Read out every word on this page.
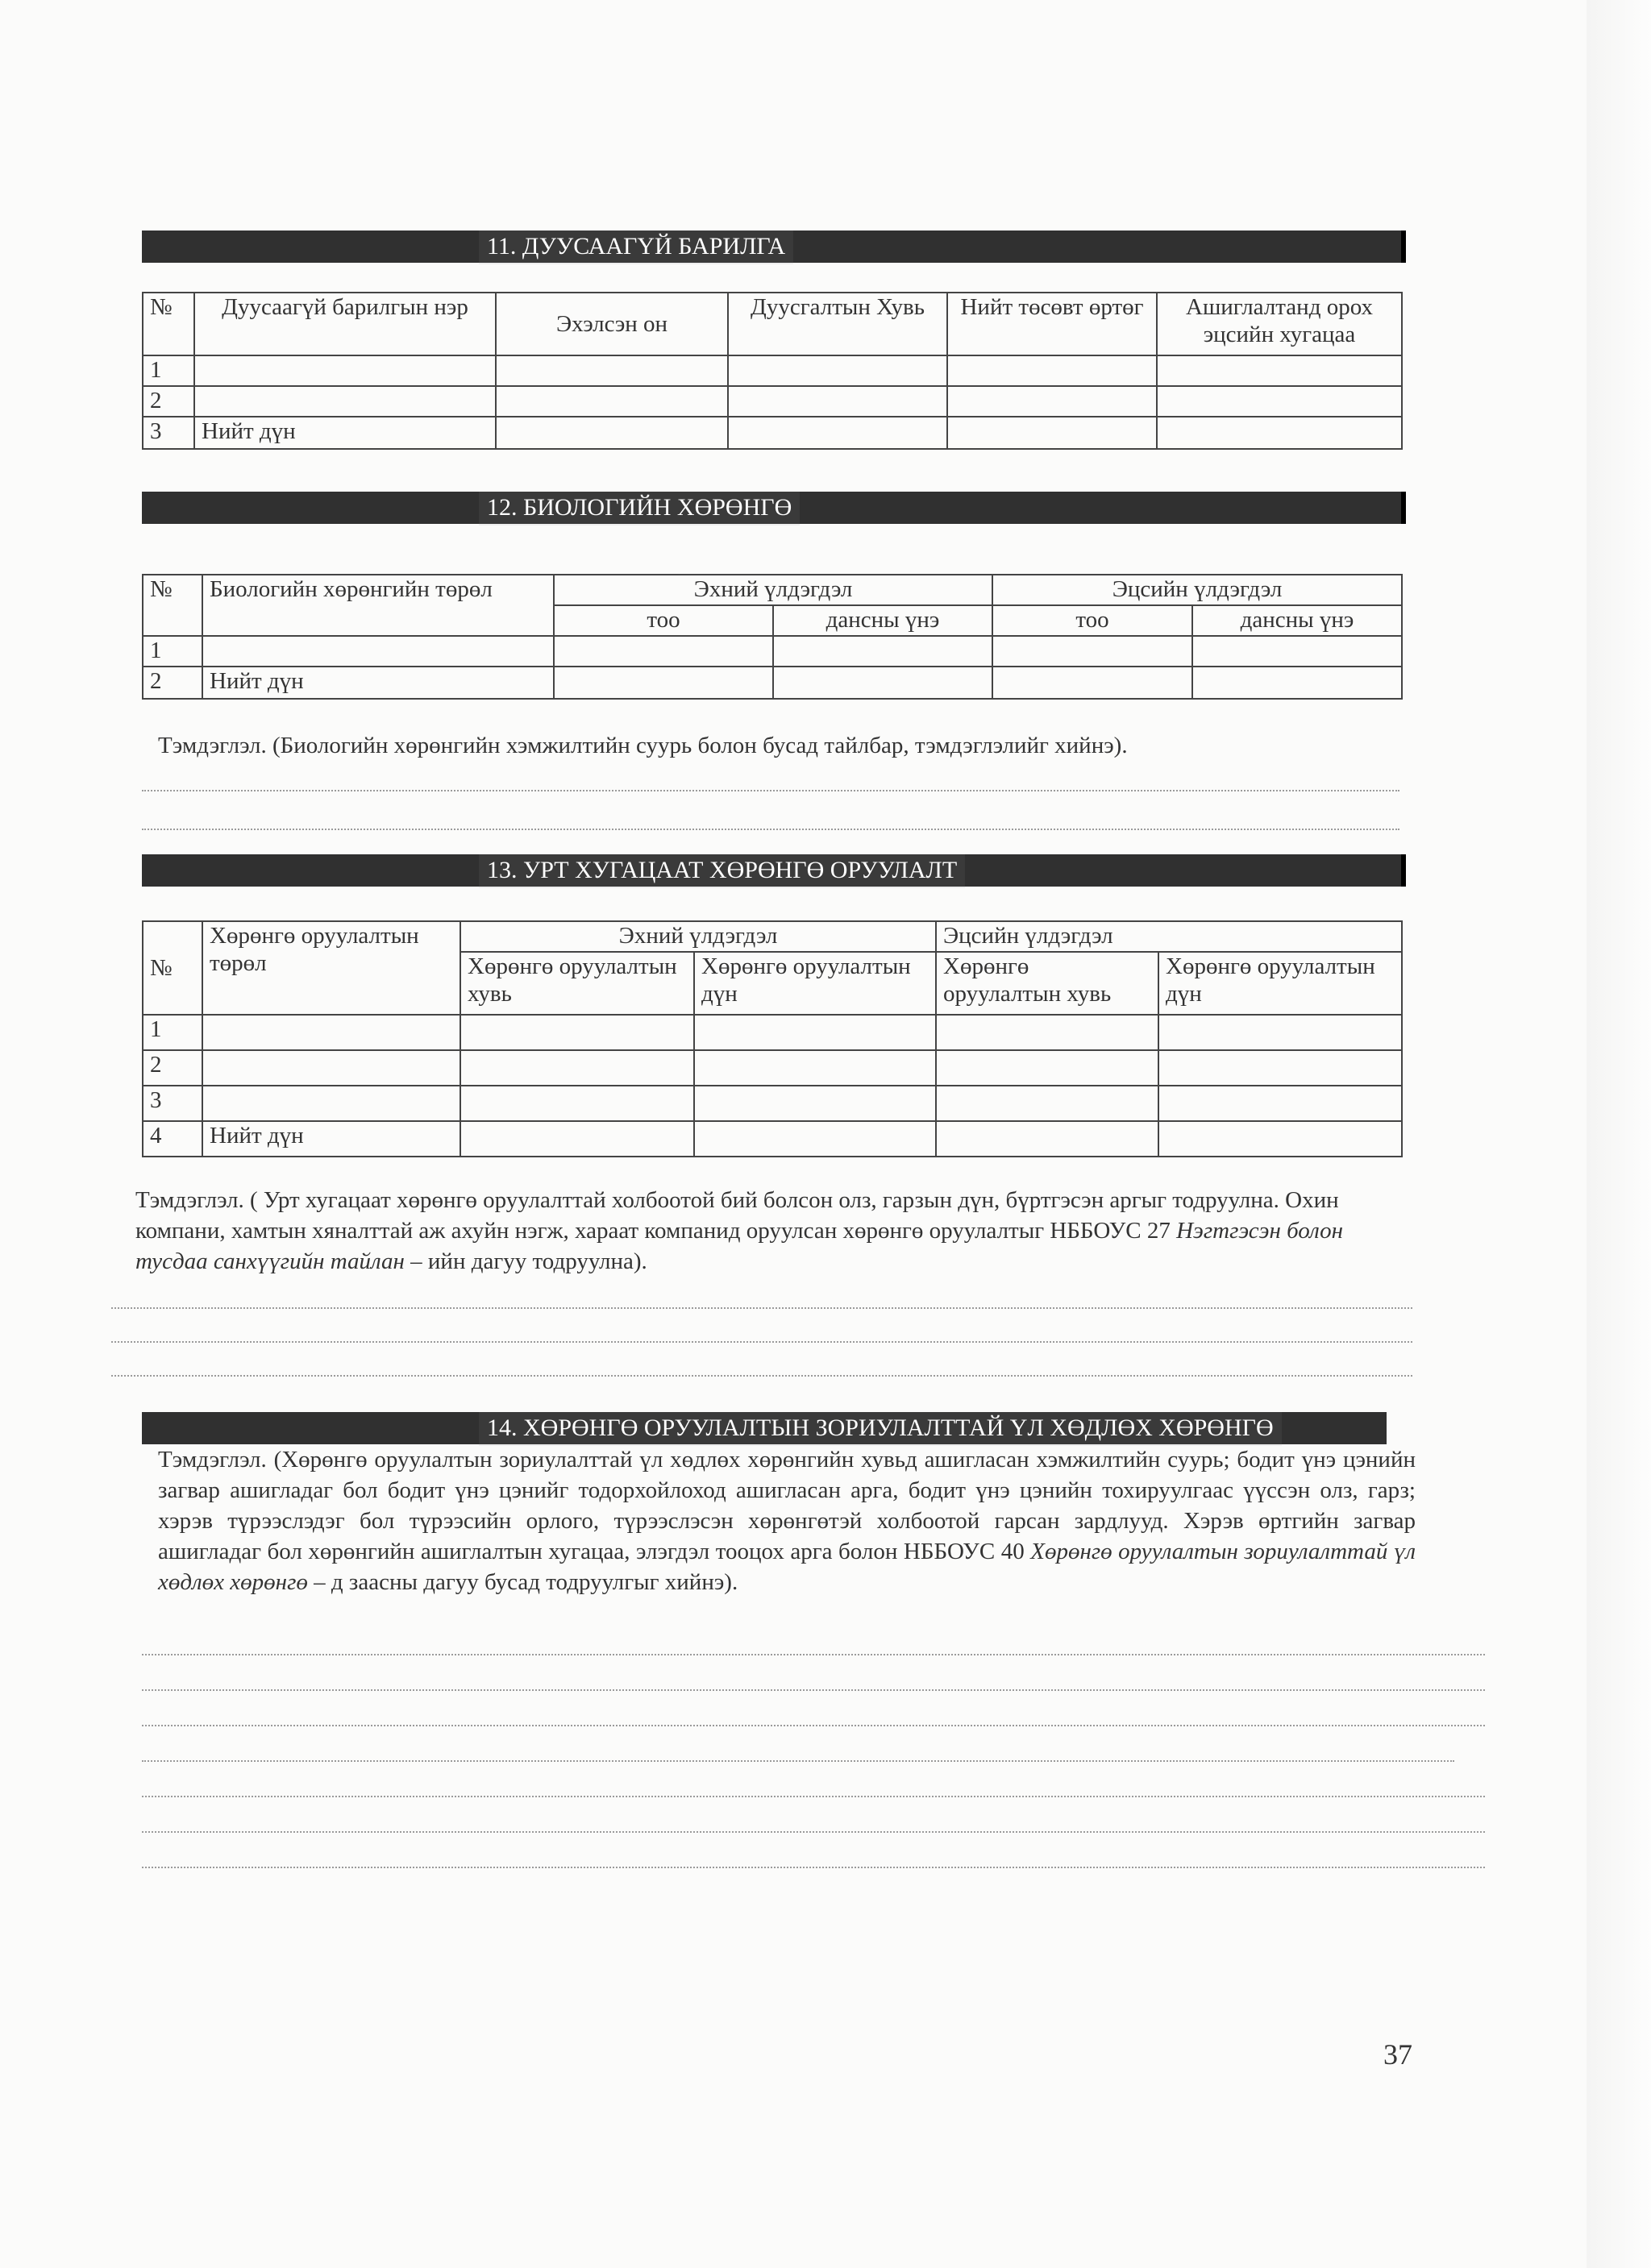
11. ДУУСААГҮЙ БАРИЛГА
№	Дуусаагүй барилгын нэр	Эхэлсэн он	Дуусгалтын Хувь	Нийт төсөвт өртөг	Ашиглалтанд орох эцсийн хугацаа
1					
2					
3	Нийт дүн				
12. БИОЛОГИЙН ХӨРӨНГӨ
№	Биологийн хөрөнгийн төрөл	Эхний үлдэгдэл		Эцсийн үлдэгдэл	
		тоо	дансны үнэ	тоо	дансны үнэ
1					
2	Нийт дүн				
Тэмдэглэл. (Биологийн хөрөнгийн хэмжилтийн суурь болон бусад тайлбар, тэмдэглэлийг хийнэ).
13. УРТ ХУГАЦААТ ХӨРӨНГӨ ОРУУЛАЛТ
№	Хөрөнгө оруулалтын төрөл	Эхний үлдэгдэл		Эцсийн үлдэгдэл	
		Хөрөнгө оруулалтын хувь	Хөрөнгө оруулалтын дүн	Хөрөнгө оруулалтын хувь	Хөрөнгө оруулалтын дүн
1					
2					
3					
4	Нийт дүн				
Тэмдэглэл. ( Урт хугацаат хөрөнгө оруулалттай холбоотой бий болсон олз, гарзын дүн, бүртгэсэн аргыг тодруулна. Охин компани, хамтын хяналттай аж ахуйн нэгж, хараат компанид оруулсан хөрөнгө оруулалтыг НББОУС 27 Нэгтгэсэн болон тусдаа санхүүгийн тайлан – ийн дагуу тодруулна).
14. ХӨРӨНГӨ ОРУУЛАЛТЫН ЗОРИУЛАЛТТАЙ ҮЛ ХӨДЛӨХ ХӨРӨНГӨ
Тэмдэглэл. (Хөрөнгө оруулалтын зориулалттай үл хөдлөх хөрөнгийн хувьд ашигласан хэмжилтийн суурь; бодит үнэ цэнийн загвар ашигладаг бол бодит үнэ цэнийг тодорхойлоход ашигласан арга, бодит үнэ цэнийн тохируулгаас үүссэн олз, гарз; хэрэв түрээслэдэг бол түрээсийн орлого, түрээслэсэн хөрөнгөтэй холбоотой гарсан зардлууд. Хэрэв өртгийн загвар ашигладаг бол хөрөнгийн ашиглалтын хугацаа, элэгдэл тооцох арга болон НББОУС 40 Хөрөнгө оруулалтын зориулалттай үл хөдлөх хөрөнгө – д заасны дагуу бусад тодруулгыг хийнэ).
37
